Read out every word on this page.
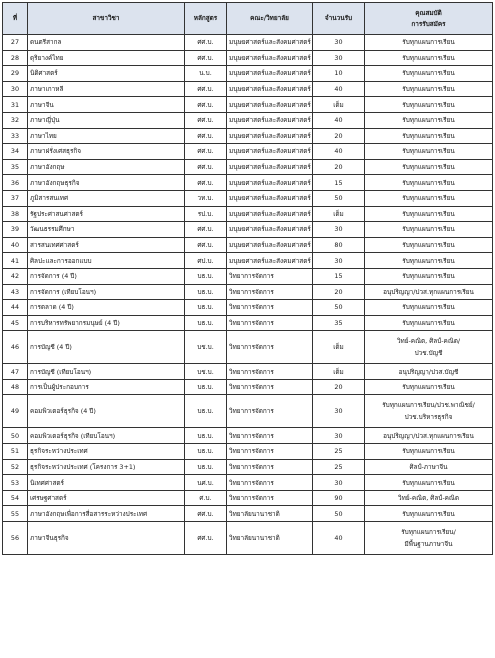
ที่	สาขาวิชา	หลักสูตร	คณะ/วิทยาลัย	จำนวนรับ	คุณสมบัติ
การรับสมัคร

27	ดนตรีสากล	ศศ.บ.	มนุษยศาสตร์และสังคมศาสตร์	30	รับทุกแผนการเรียน

28	ดุริยางค์ไทย	ศศ.บ.	มนุษยศาสตร์และสังคมศาสตร์	30	รับทุกแผนการเรียน

29	นิติศาสตร์	น.บ.	มนุษยศาสตร์และสังคมศาสตร์	10	รับทุกแผนการเรียน

30	ภาษาเกาหลี	ศศ.บ.	มนุษยศาสตร์และสังคมศาสตร์	40	รับทุกแผนการเรียน

31	ภาษาจีน	ศศ.บ.	มนุษยศาสตร์และสังคมศาสตร์	เต็ม	รับทุกแผนการเรียน

32	ภาษาญี่ปุ่น	ศศ.บ.	มนุษยศาสตร์และสังคมศาสตร์	40	รับทุกแผนการเรียน

33	ภาษาไทย	ศศ.บ.	มนุษยศาสตร์และสังคมศาสตร์	20	รับทุกแผนการเรียน

34	ภาษาฝรั่งเศสธุรกิจ	ศศ.บ.	มนุษยศาสตร์และสังคมศาสตร์	40	รับทุกแผนการเรียน

35	ภาษาอังกฤษ	ศศ.บ.	มนุษยศาสตร์และสังคมศาสตร์	20	รับทุกแผนการเรียน

36	ภาษาอังกฤษธุรกิจ	ศศ.บ.	มนุษยศาสตร์และสังคมศาสตร์	15	รับทุกแผนการเรียน

37	ภูมิสารสนเทศ	วท.บ.	มนุษยศาสตร์และสังคมศาสตร์	50	รับทุกแผนการเรียน

38	รัฐประศาสนศาสตร์	รป.บ.	มนุษยศาสตร์และสังคมศาสตร์	เต็ม	รับทุกแผนการเรียน

39	วัฒนธรรมศึกษา	ศศ.บ.	มนุษยศาสตร์และสังคมศาสตร์	30	รับทุกแผนการเรียน

40	สารสนเทศศาสตร์	ศศ.บ.	มนุษยศาสตร์และสังคมศาสตร์	80	รับทุกแผนการเรียน

41	ศิลปะและการออกแบบ	ศป.บ.	มนุษยศาสตร์และสังคมศาสตร์	30	รับทุกแผนการเรียน

42	การจัดการ (4 ปี)	บธ.บ.	วิทยาการจัดการ	15	รับทุกแผนการเรียน

43	การจัดการ (เทียบโอนฯ)	บธ.บ.	วิทยาการจัดการ	20	อนุปริญญา/ปวส.ทุกแผนการเรียน

44	การตลาด (4 ปี)	บธ.บ.	วิทยาการจัดการ	50	รับทุกแผนการเรียน

45	การบริหารทรัพยากรมนุษย์ (4 ปี)	บธ.บ.	วิทยาการจัดการ	35	รับทุกแผนการเรียน

46	การบัญชี (4 ปี)	บช.บ.	วิทยาการจัดการ	เต็ม	วิทย์-คณิต, ศิลป์-คณิต/
ปวช.บัญชี

47	การบัญชี (เทียบโอนฯ)	บช.บ.	วิทยาการจัดการ	เต็ม	อนุปริญญา/ปวส.บัญชี

48	การเป็นผู้ประกอบการ	บธ.บ.	วิทยาการจัดการ	20	รับทุกแผนการเรียน

49	คอมพิวเตอร์ธุรกิจ (4 ปี)	บธ.บ.	วิทยาการจัดการ	30	รับทุกแผนการเรียน/ปวช.พาณิชย์/
ปวช.บริหารธุรกิจ

50	คอมพิวเตอร์ธุรกิจ (เทียบโอนฯ)	บธ.บ.	วิทยาการจัดการ	30	อนุปริญญา/ปวส.ทุกแผนการเรียน

51	ธุรกิจระหว่างประเทศ	บธ.บ.	วิทยาการจัดการ	25	รับทุกแผนการเรียน

52	ธุรกิจระหว่างประเทศ (โครงการ 3+1)	บธ.บ.	วิทยาการจัดการ	25	ศิลป์-ภาษาจีน

53	นิเทศศาสตร์	นศ.บ.	วิทยาการจัดการ	30	รับทุกแผนการเรียน

54	เศรษฐศาสตร์	ศ.บ.	วิทยาการจัดการ	90	วิทย์-คณิต, ศิลป์-คณิต

55	ภาษาอังกฤษเพื่อการสื่อสารระหว่างประเทศ	ศศ.บ.	วิทยาลัยนานาชาติ	50	รับทุกแผนการเรียน

56	ภาษาจีนธุรกิจ	ศศ.บ.	วิทยาลัยนานาชาติ	40	รับทุกแผนการเรียน/
มีพื้นฐานภาษาจีน
